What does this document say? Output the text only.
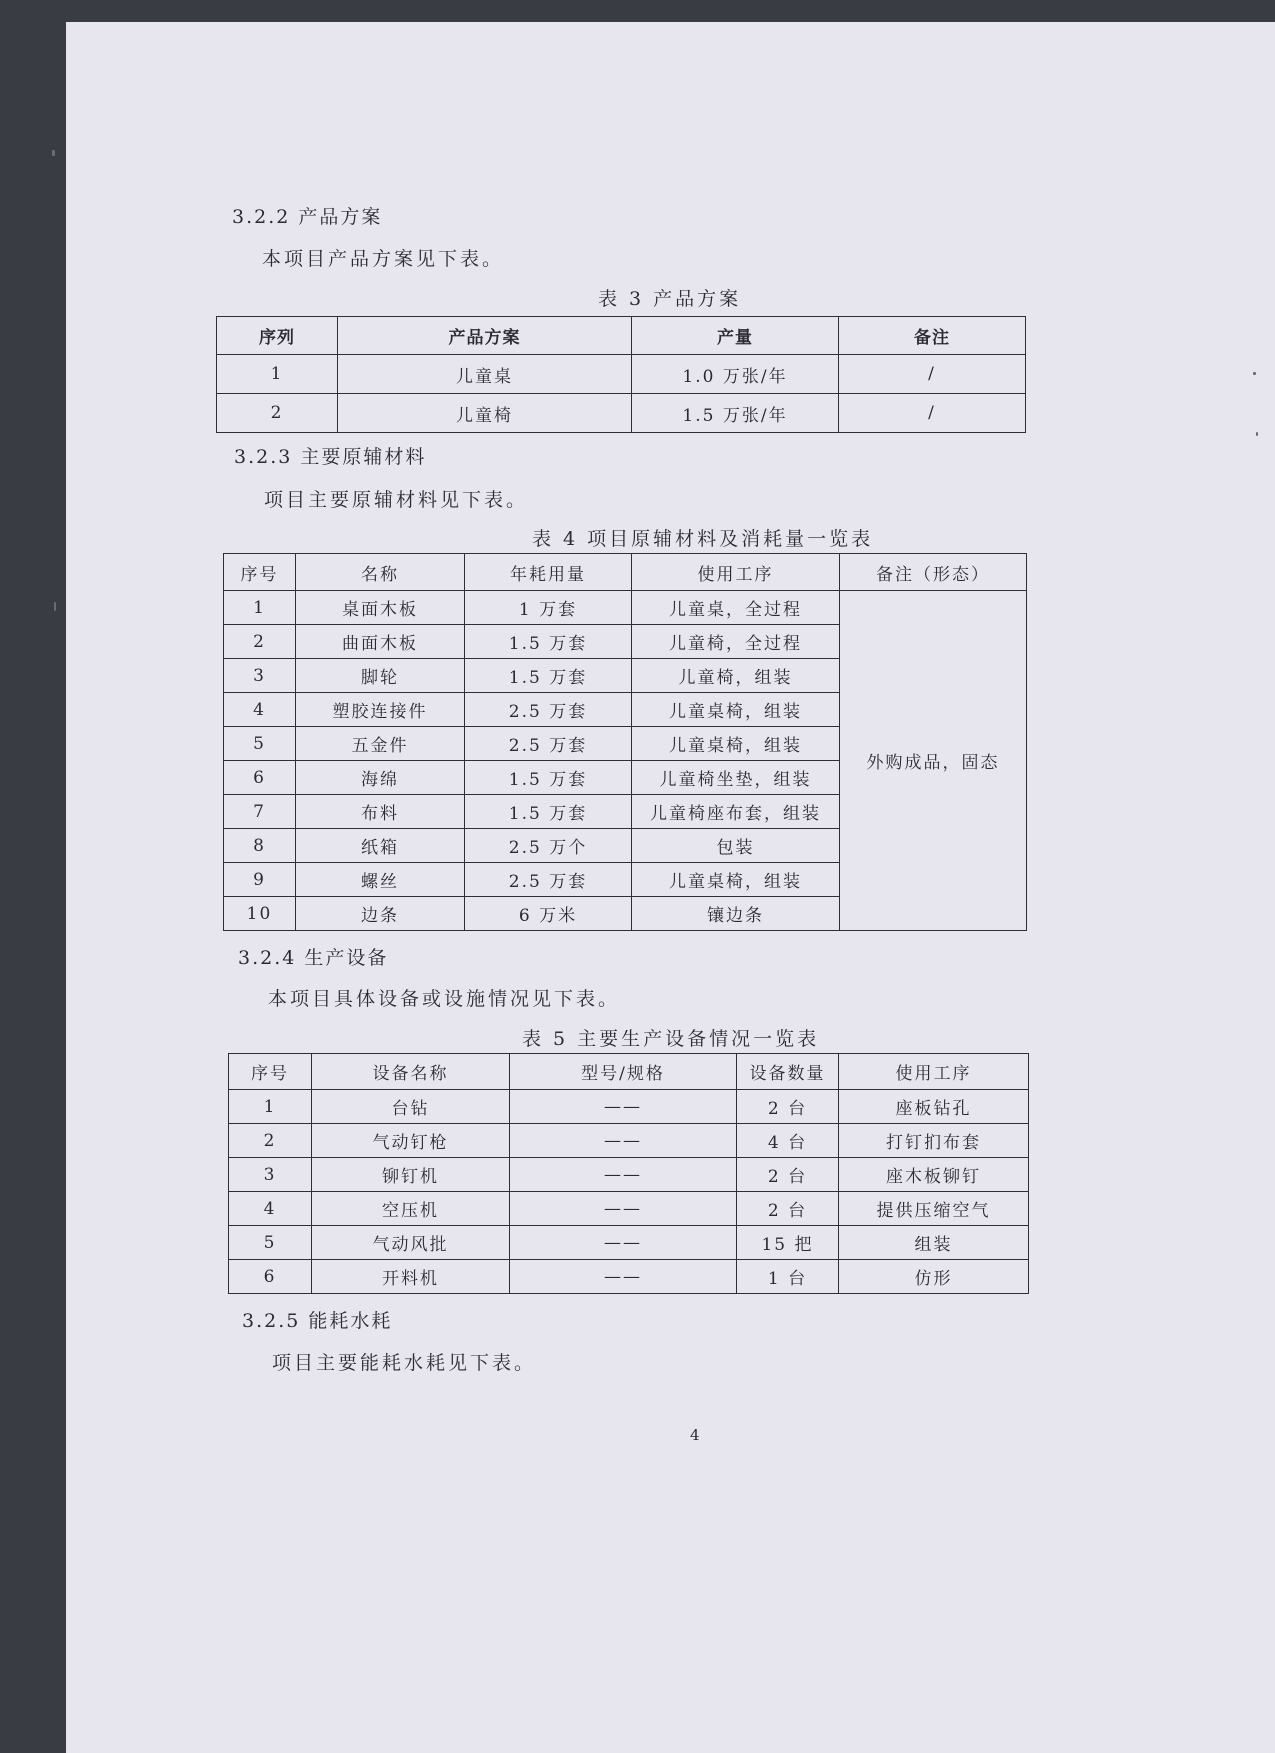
3.2.2 产品方案
本项目产品方案见下表。
表 3 产品方案
序列	产品方案	产量	备注
1	儿童桌	1.0 万张/年	/
2	儿童椅	1.5 万张/年	/
3.2.3 主要原辅材料
项目主要原辅材料见下表。
表 4 项目原辅材料及消耗量一览表
序号	名称	年耗用量	使用工序	备注（形态）
1	桌面木板	1 万套	儿童桌，全过程	外购成品，固态
2	曲面木板	1.5 万套	儿童椅，全过程	
3	脚轮	1.5 万套	儿童椅，组装	
4	塑胶连接件	2.5 万套	儿童桌椅，组装	
5	五金件	2.5 万套	儿童桌椅，组装	
6	海绵	1.5 万套	儿童椅坐垫，组装	
7	布料	1.5 万套	儿童椅座布套，组装	
8	纸箱	2.5 万个	包装	
9	螺丝	2.5 万套	儿童桌椅，组装	
10	边条	6 万米	镶边条	
3.2.4 生产设备
本项目具体设备或设施情况见下表。
表 5 主要生产设备情况一览表
序号	设备名称	型号/规格	设备数量	使用工序
1	台钻	——	2 台	座板钻孔
2	气动钉枪	——	4 台	打钉扪布套
3	铆钉机	——	2 台	座木板铆钉
4	空压机	——	2 台	提供压缩空气
5	气动风批	——	15 把	组装
6	开料机	——	1 台	仿形
3.2.5 能耗水耗
项目主要能耗水耗见下表。
4
